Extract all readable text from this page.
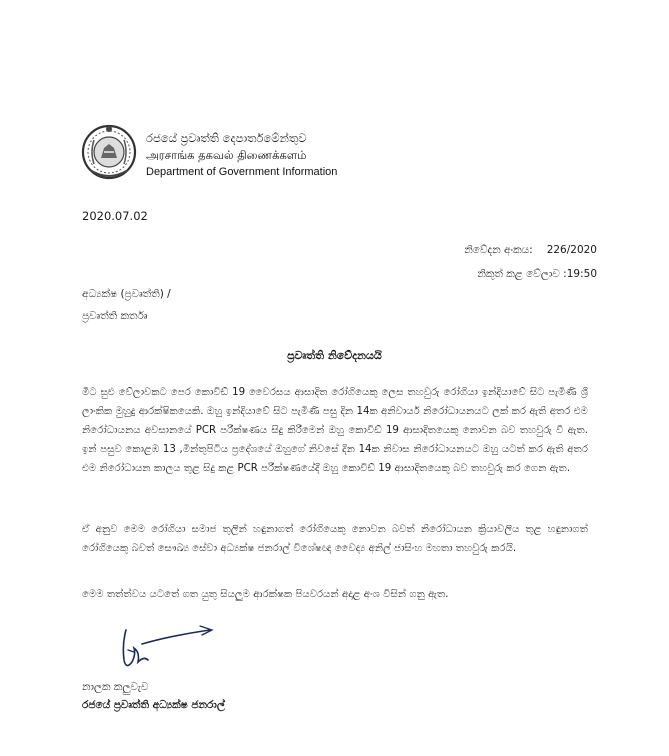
රජයේ ප්‍රවෘත්ති දෙපාර්තමේන්තුව
அரசாங்க தகவல் திணைக்களம்
Department of Government Information
2020.07.02
නිවේදන අංකය: 226/2020
නිකුත් කළ වේලාව :19:50
අධ්‍යක්ෂ (ප්‍රවෘත්ති) /
ප්‍රවෘත්ති කර්තෘ
ප්‍රවෘත්ති නිවේදනයයි
මීට සුළු වේලාවකට පෙර කොවිඩ් 19 වෛරසය ආසාදිත රෝගියෙකු ලෙස තහවුරු රෝගියා ඉන්දියාවේ සිට පැමිණි ශ්‍රී ලාංකික මුහුදු ආරක්ෂිකයෙකි. ඔහු ඉන්දියාවේ සිට පැමිණි පසු දින 14ක අනිවාර්ය නිරෝධායනයට ලක් කර ඇති අතර එම නිරෝධායනය අවසානයේ PCR පරීක්ෂණය සිදු කිරීමෙන් ඔහු කොවිඩ් 19 ආසාදිතයෙකු නොවන බව තහවුරු වී ඇත. ඉන් පසුව කොළඹ 13 ,මින්තුපිටිය ප්‍රදේශයේ ඔහුගේ නිවසේ දින 14ක නිවාස නිරෝධායනයට ඔහු යටත් කර ඇති අතර එම නිරෝධායන කාලය තුළ සිදු කළ PCR පරීක්ෂණයේදී ඔහු කොවිඩ් 19 ආසාදිතයෙකු බව තහවුරු කර ගෙන ඇත.
ඒ අනුව මෙම රෝගියා සමාජ තුලින් හඳුනාගත් රෝගියෙකු නොවන බවත් නිරෝධායන ක්‍රියාවලිය තුළ හඳුනාගත් රෝගියෙකු බවත් සෞඛ්‍ය සේවා අධ්‍යක්ෂ ජනරාල් විශේෂඥ වෛද්‍ය අනිල් ජාසිංහ මහතා තහවුරු කරයි.
මෙම තත්ත්වය යටතේ ගත යුතු සියලුම ආරක්ෂක පියවරයන් අදාළ අංශ විසින් ගනු ඇත.
නාලක කලුවැව
රජයේ ප්‍රවෘත්ති අධ්‍යක්ෂ ජනරාල්
